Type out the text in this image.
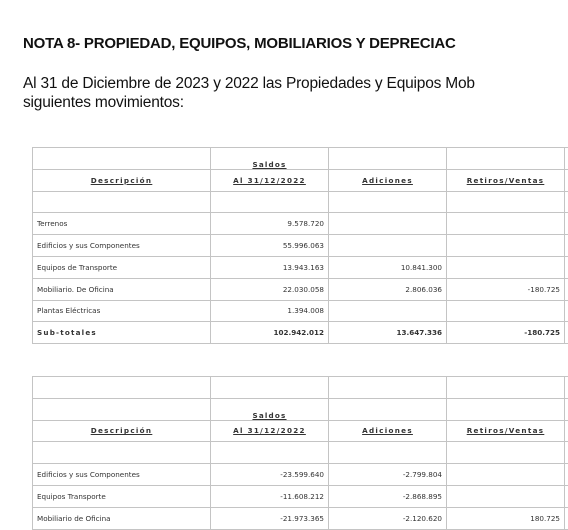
NOTA 8- PROPIEDAD, EQUIPOS, MOBILIARIOS Y DEPRECIAC
Al 31 de Diciembre de 2023 y 2022 las Propiedades y Equipos Mob
siguientes movimientos:
	Saldos			
Descripción	Al 31/12/2022	Adiciones	Retiros/Ventas	

Terrenos	9.578.720			
Edificios y sus Componentes	55.996.063			
Equipos de Transporte	13.943.163	10.841.300		
Mobiliario. De Oficina	22.030.058	2.806.036	-180.725	
Plantas Eléctricas	1.394.008			
Sub-totales	102.942.012	13.647.336	-180.725	

	Saldos			
Descripción	Al 31/12/2022	Adiciones	Retiros/Ventas	

Edificios y sus Componentes	-23.599.640	-2.799.804		
Equipos Transporte	-11.608.212	-2.868.895		
Mobiliario de Oficina	-21.973.365	-2.120.620	180.725	
